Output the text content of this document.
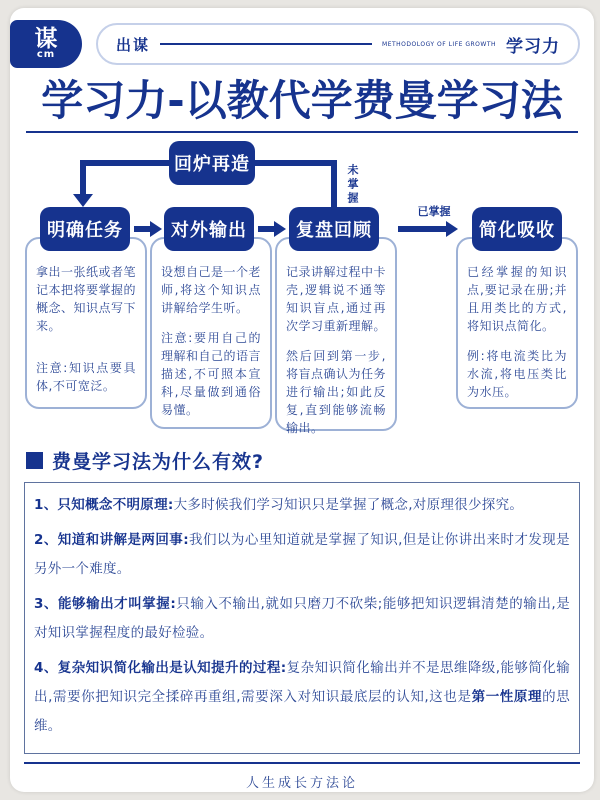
谋
cm
出谋	METHODOLOGY OF LIFE GROWTH 学习力
学习力-以教代学费曼学习法
回炉再造	未掌握
已掌握
明确任务	对外输出	复盘回顾	简化吸收
拿出一张纸或者笔记本把将要掌握的概念、知识点写下来。
注意:知识点要具体,不可宽泛。
设想自己是一个老师,将这个知识点讲解给学生听。
注意:要用自己的理解和自己的语言描述,不可照本宣科,尽量做到通俗易懂。
记录讲解过程中卡壳,逻辑说不通等知识盲点,通过再次学习重新理解。
然后回到第一步,将盲点确认为任务进行输出;如此反复,直到能够流畅输出。
已经掌握的知识点,要记录在册;并且用类比的方式,将知识点简化。
例:将电流类比为水流,将电压类比为水压。
费曼学习法为什么有效?

1、只知概念不明原理:大多时候我们学习知识只是掌握了概念,对原理很少探究。

2、知道和讲解是两回事:我们以为心里知道就是掌握了知识,但是让你讲出来时才发现是另外一个难度。

3、能够输出才叫掌握:只输入不输出,就如只磨刀不砍柴;能够把知识逻辑清楚的输出,是对知识掌握程度的最好检验。

4、复杂知识简化输出是认知提升的过程:复杂知识简化输出并不是思维降级,能够简化输出,需要你把知识完全揉碎再重组,需要深入对知识最底层的认知,这也是第一性原理的思维。

人生成长方法论
